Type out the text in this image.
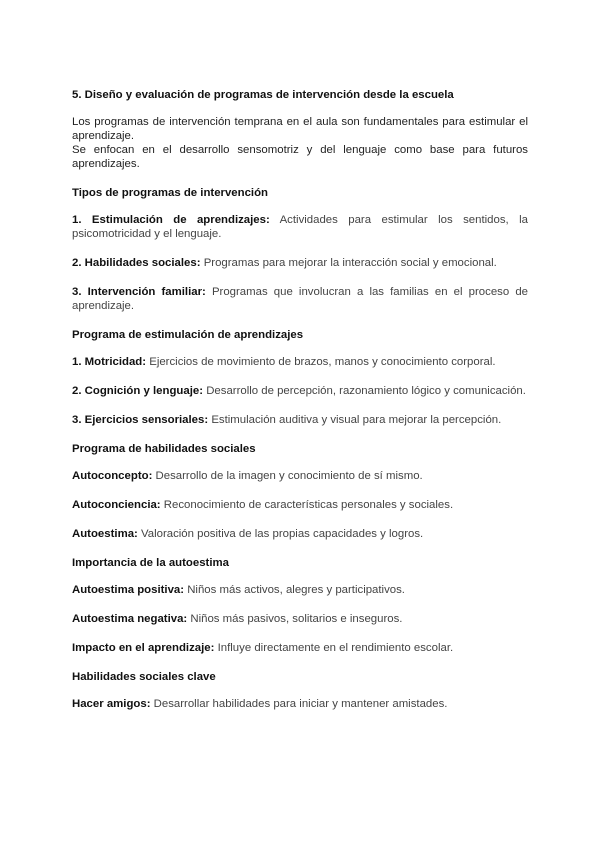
5. Diseño y evaluación de programas de intervención desde la escuela

Los programas de intervención temprana en el aula son fundamentales para estimular el aprendizaje.

Se enfocan en el desarrollo sensomotriz y del lenguaje como base para futuros aprendizajes.

Tipos de programas de intervención
1. Estimulación de aprendizajes: Actividades para estimular los sentidos, la psicomotricidad y el lenguaje.
2. Habilidades sociales: Programas para mejorar la interacción social y emocional.
3. Intervención familiar: Programas que involucran a las familias en el proceso de aprendizaje.
Programa de estimulación de aprendizajes
1. Motricidad: Ejercicios de movimiento de brazos, manos y conocimiento corporal.
2. Cognición y lenguaje: Desarrollo de percepción, razonamiento lógico y comunicación.
3. Ejercicios sensoriales: Estimulación auditiva y visual para mejorar la percepción.
Programa de habilidades sociales
Autoconcepto: Desarrollo de la imagen y conocimiento de sí mismo.
Autoconciencia: Reconocimiento de características personales y sociales.
Autoestima: Valoración positiva de las propias capacidades y logros.
Importancia de la autoestima
Autoestima positiva: Niños más activos, alegres y participativos.
Autoestima negativa: Niños más pasivos, solitarios e inseguros.
Impacto en el aprendizaje: Influye directamente en el rendimiento escolar.
Habilidades sociales clave
Hacer amigos: Desarrollar habilidades para iniciar y mantener amistades.
